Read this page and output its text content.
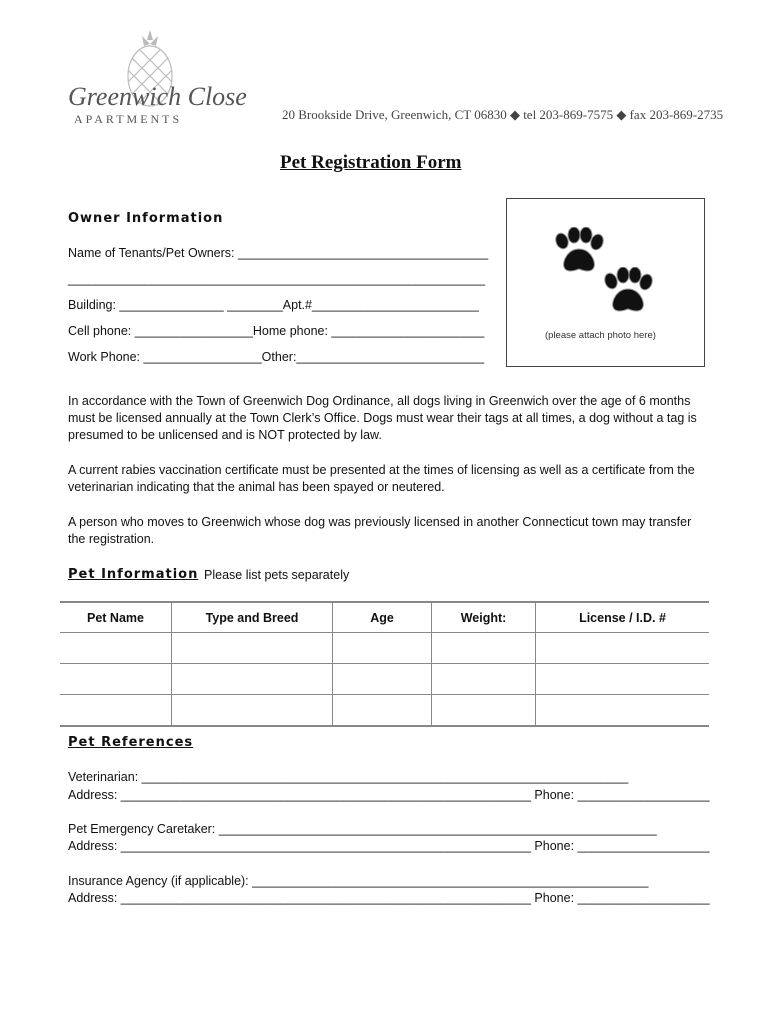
Greenwich Close
APARTMENTS	20 Brookside Drive, Greenwich, CT 06830 ◆ tel 203-869-7575 ◆ fax 203-869-2735
Pet Registration Form
Owner Information
Name of Tenants/Pet Owners: ____________________________________
____________________________________________________________
Building: _______________ ________Apt.#________________________
Cell phone: _________________Home phone: ______________________
Work Phone: _________________Other:___________________________
(please attach photo here)
In accordance with the Town of Greenwich Dog Ordinance, all dogs living in Greenwich over the age of 6 months must be licensed annually at the Town Clerk’s Office. Dogs must wear their tags at all times, a dog without a tag is presumed to be unlicensed and is NOT protected by law.
A current rabies vaccination certificate must be presented at the times of licensing as well as a certificate from the veterinarian indicating that the animal has been spayed or neutered.
A person who moves to Greenwich whose dog was previously licensed in another Connecticut town may transfer the registration.
Pet Information Please list pets separately
Pet Name	Type and Breed	Age	Weight:	License / I.D. #

Pet References
Veterinarian: ______________________________________________________________________
Address: ___________________________________________________________ Phone: ___________________
Pet Emergency Caretaker: _______________________________________________________________
Address: ___________________________________________________________ Phone: ___________________
Insurance Agency (if applicable): _________________________________________________________
Address: ___________________________________________________________ Phone: ___________________
